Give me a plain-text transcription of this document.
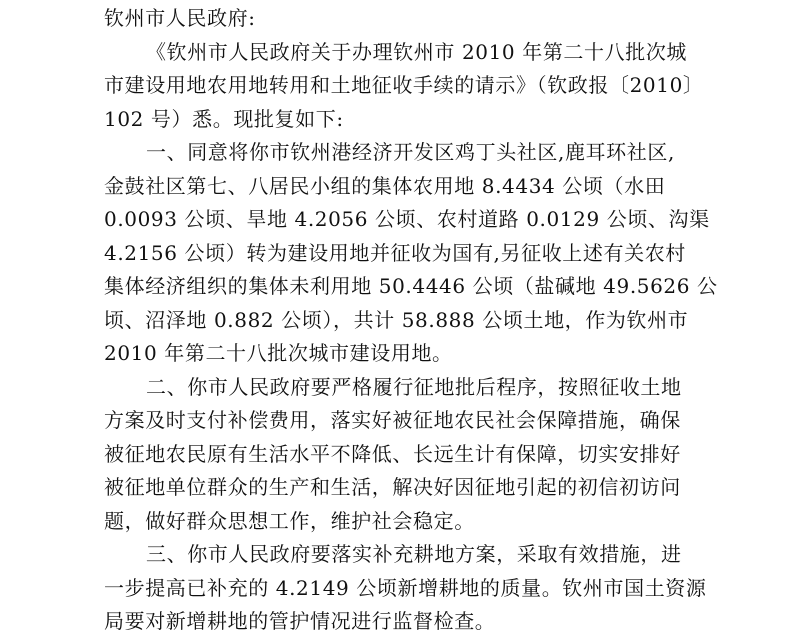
钦州市人民政府:
《钦州市人民政府关于办理钦州市 2010 年第二十八批次城
市建设用地农用地转用和土地征收手续的请示》（钦政报〔2010〕
102 号）悉。现批复如下:
一、同意将你市钦州港经济开发区鸡丁头社区,鹿耳环社区,
金鼓社区第七、八居民小组的集体农用地 8.4434 公顷（水田
0.0093 公顷、旱地 4.2056 公顷、农村道路 0.0129 公顷、沟渠
4.2156 公顷）转为建设用地并征收为国有,另征收上述有关农村
集体经济组织的集体未利用地 50.4446 公顷（盐碱地 49.5626 公
顷、沼泽地 0.882 公顷），共计 58.888 公顷土地，作为钦州市
2010 年第二十八批次城市建设用地。
二、你市人民政府要严格履行征地批后程序，按照征收土地
方案及时支付补偿费用，落实好被征地农民社会保障措施，确保
被征地农民原有生活水平不降低、长远生计有保障，切实安排好
被征地单位群众的生产和生活，解决好因征地引起的初信初访问
题，做好群众思想工作，维护社会稳定。
三、你市人民政府要落实补充耕地方案，采取有效措施，进
一步提高已补充的 4.2149 公顷新增耕地的质量。钦州市国土资源
局要对新增耕地的管护情况进行监督检查。
